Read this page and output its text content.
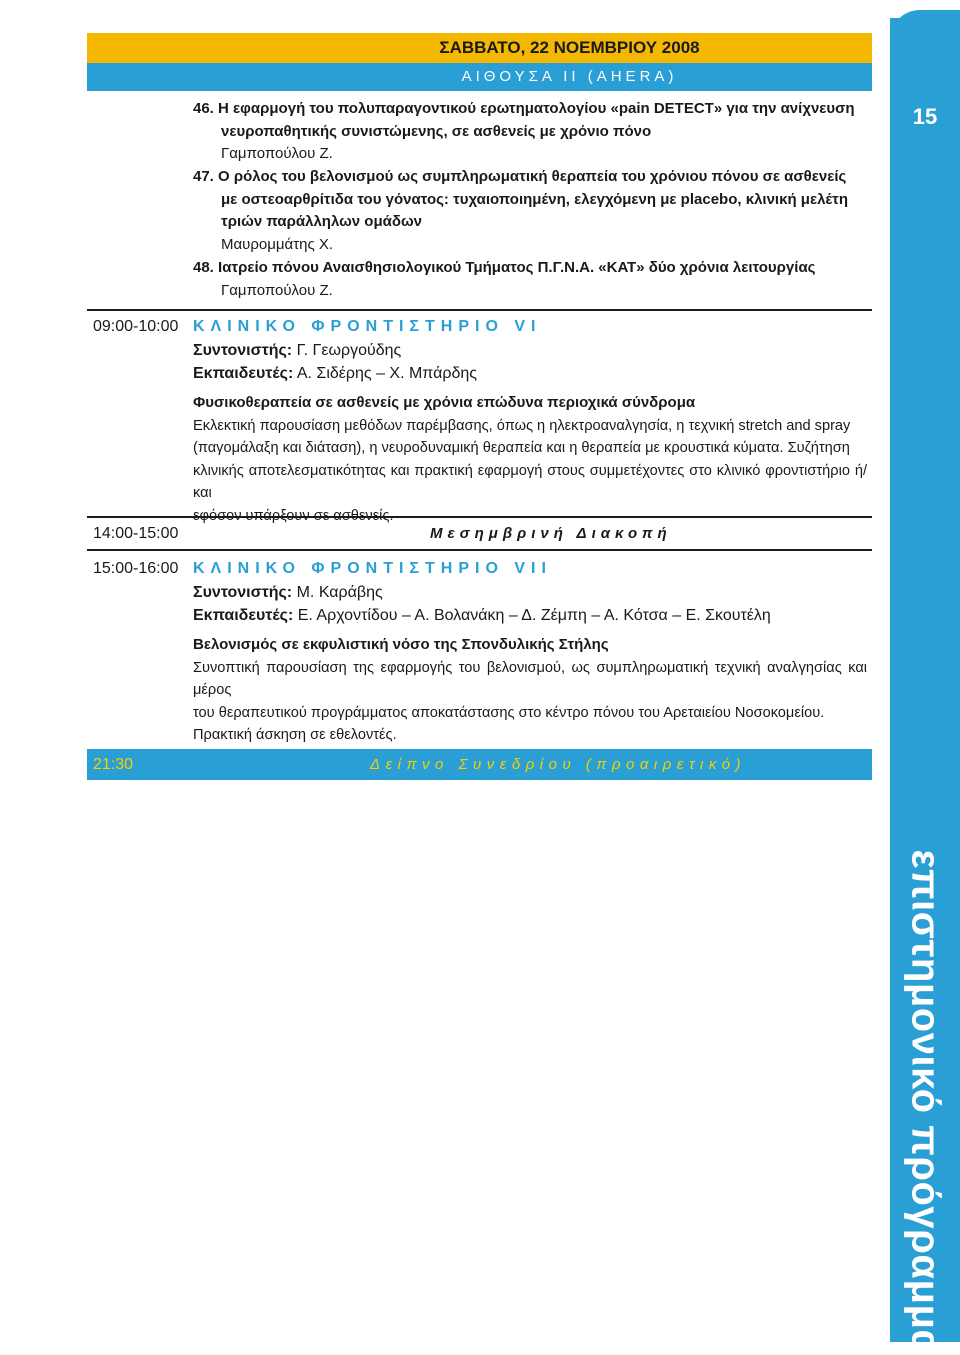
15
επιστημονικό πρόγραμμα
ΣΑΒΒΑΤΟ, 22 ΝΟΕΜΒΡΙΟΥ 2008
ΑΙΘΟΥΣΑ ΙΙ (AHERA)
46. Η εφαρμογή του πολυπαραγοντικού ερωτηματολογίου «pain DETECT» για την ανίχνευση
νευροπαθητικής συνιστώμενης, σε ασθενείς με χρόνιο πόνο
Γαμποπούλου Ζ.
47. Ο ρόλος του βελονισμού ως συμπληρωματική θεραπεία του χρόνιου πόνου σε ασθενείς
με οστεοαρθρίτιδα του γόνατος: τυχαιοποιημένη, ελεγχόμενη με placebo, κλινική μελέτη
τριών παράλληλων ομάδων
Μαυρομμάτης Χ.
48. Ιατρείο πόνου Αναισθησιολογικού Τμήματος Π.Γ.Ν.Α. «ΚΑΤ» δύο χρόνια λειτουργίας
Γαμποπούλου Ζ.
09:00-10:00 ΚΛΙΝΙΚΟ ΦΡΟΝΤΙΣΤΗΡΙΟ VI
Συντονιστής: Γ. Γεωργούδης
Εκπαιδευτές: Α. Σιδέρης – Χ. Μπάρδης
Φυσικοθεραπεία σε ασθενείς με χρόνια επώδυνα περιοχικά σύνδρομα
Εκλεκτική παρουσίαση μεθόδων παρέμβασης, όπως η ηλεκτροαναλγησία, η τεχνική stretch and spray
(παγομάλαξη και διάταση), η νευροδυναμική θεραπεία και η θεραπεία με κρουστικά κύματα. Συζήτηση
κλινικής αποτελεσματικότητας και πρακτική εφαρμογή στους συμμετέχοντες στο κλινικό φροντιστήριο ή/και
14:00-15:00	Μεσημβρινή Διακοπή
15:00-16:00 ΚΛΙΝΙΚΟ ΦΡΟΝΤΙΣΤΗΡΙΟ VII
Συντονιστής: Μ. Καράβης
Εκπαιδευτές: Ε. Αρχοντίδου – Α. Βολανάκη – Δ. Ζέμπη – Α. Κότσα – Ε. Σκουτέλη
Βελονισμός σε εκφυλιστική νόσο της Σπονδυλικής Στήλης
Συνοπτική παρουσίαση της εφαρμογής του βελονισμού, ως συμπληρωματική τεχνική αναλγησίας και μέρος
του θεραπευτικού προγράμματος αποκατάστασης στο κέντρο πόνου του Αρεταιείου Νοσοκομείου.
Πρακτική άσκηση σε εθελοντές.
21:30	Δείπνο Συνεδρίου (προαιρετικό)
